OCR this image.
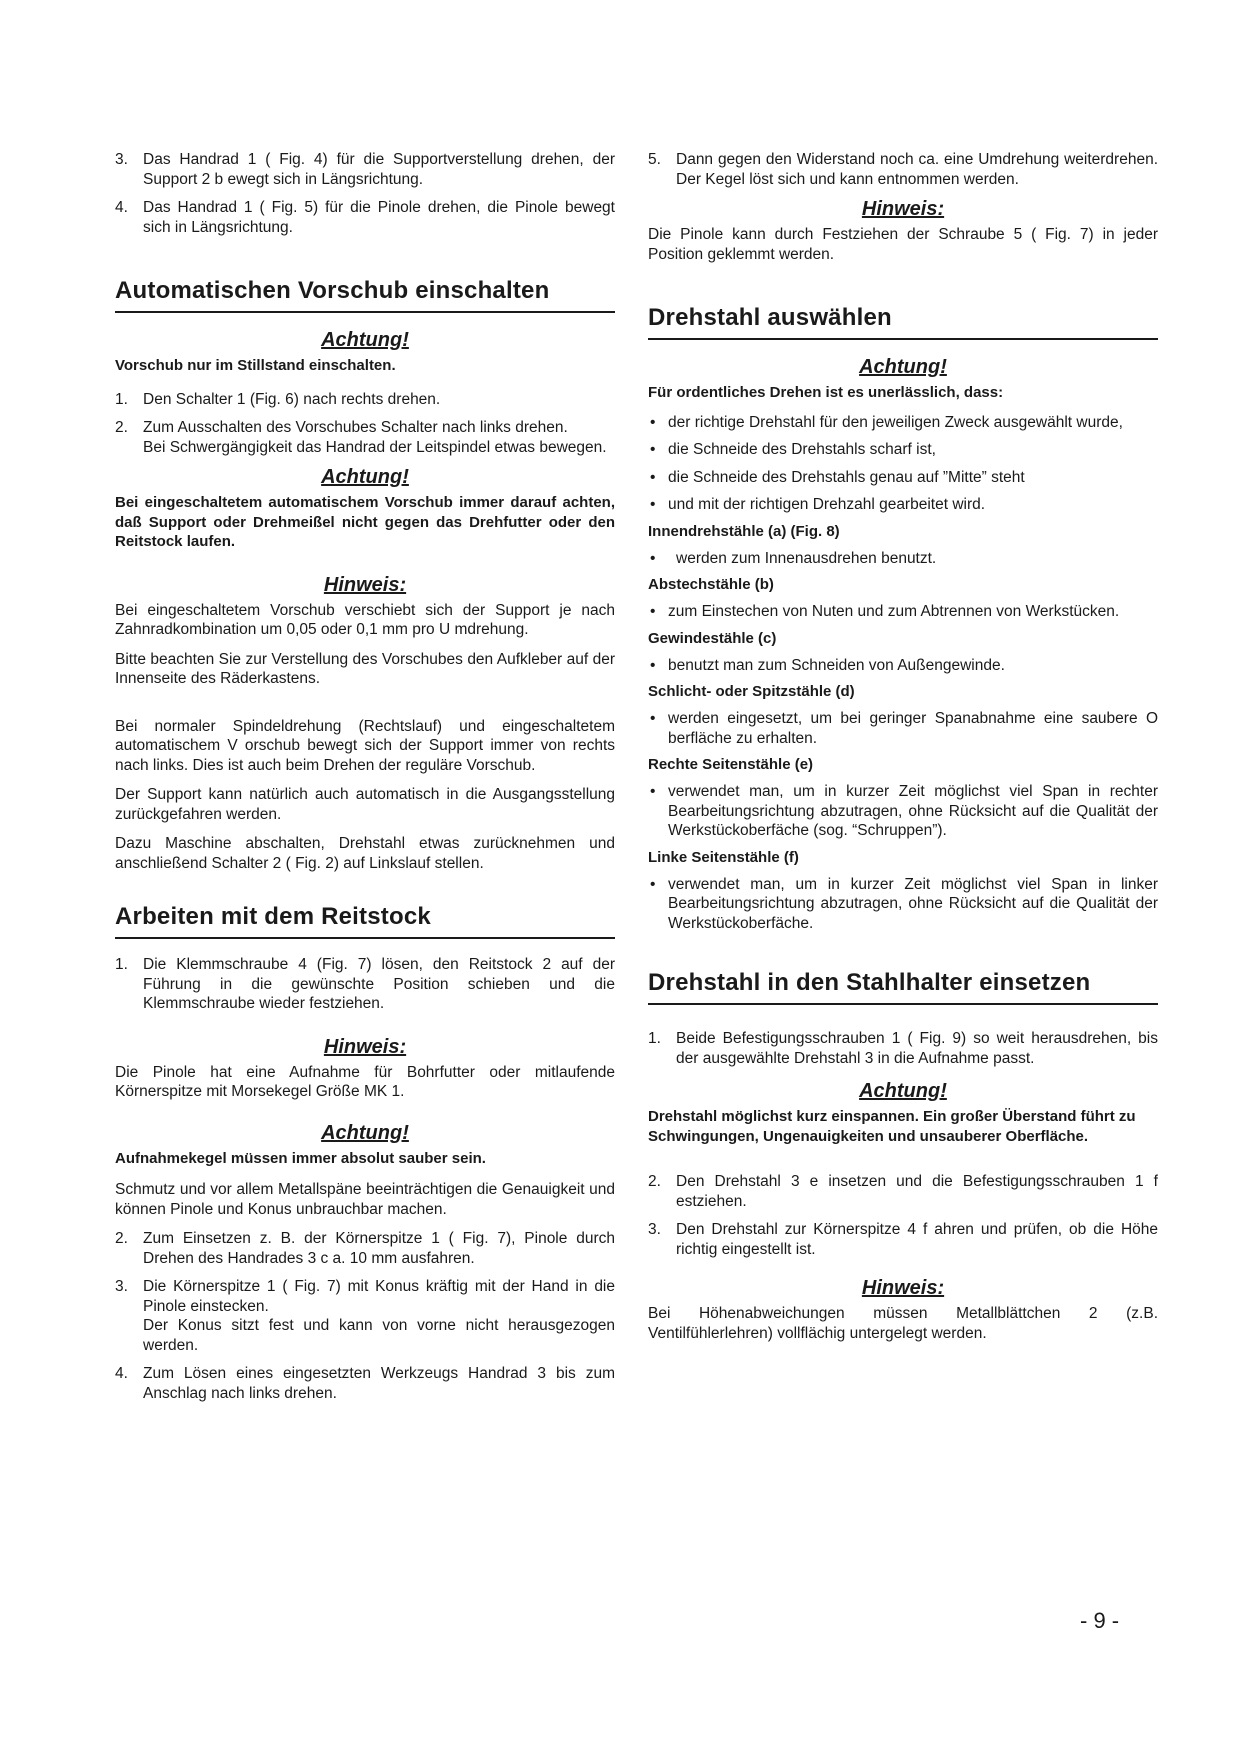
3. Das Handrad 1 ( Fig. 4) für die Supportverstellung drehen, der Support 2 b ewegt sich in Längsrichtung.
4. Das Handrad 1 ( Fig. 5) für die Pinole drehen, die Pinole bewegt sich in Längsrichtung.
Automatischen Vorschub einschalten
Achtung!

Vorschub nur im Stillstand einschalten.

1. Den Schalter 1 (Fig. 6) nach rechts drehen.
2. Zum Ausschalten des Vorschubes Schalter nach links drehen.
Bei Schwergängigkeit das Handrad der Leitspindel etwas bewegen.
Achtung!

Bei eingeschaltetem automatischem Vorschub immer darauf achten, daß Support oder Drehmeißel nicht gegen das Drehfutter oder den Reitstock laufen.

Hinweis:

Bei eingeschaltetem Vorschub verschiebt sich der Support je nach Zahnradkombination um 0,05 oder 0,1 mm pro U mdrehung.

Bitte beachten Sie zur Verstellung des Vorschubes den Aufkleber auf der Innenseite des Räderkastens.

Bei normaler Spindeldrehung (Rechtslauf) und eingeschaltetem automatischem V orschub bewegt sich der Support immer von rechts nach links. Dies ist auch beim Drehen der reguläre Vorschub.

Der Support kann natürlich auch automatisch in die Ausgangsstellung zurückgefahren werden.

Dazu Maschine abschalten, Drehstahl etwas zurücknehmen und anschließend Schalter 2 ( Fig. 2) auf Linkslauf stellen.

Arbeiten mit dem Reitstock
1. Die Klemmschraube 4 (Fig. 7) lösen, den Reitstock 2 auf der Führung in die gewünschte Position schieben und die Klemmschraube wieder festziehen.
Hinweis:

Die Pinole hat eine Aufnahme für Bohrfutter oder mitlaufende Körnerspitze mit Morsekegel Größe MK 1.

Achtung!

Aufnahmekegel müssen immer absolut sauber sein.

Schmutz und vor allem Metallspäne beeinträchtigen die Genauigkeit und können Pinole und Konus unbrauchbar machen.

2. Zum Einsetzen z. B. der Körnerspitze 1 ( Fig. 7), Pinole durch Drehen des Handrades 3 c a. 10 mm ausfahren.
3. Die Körnerspitze 1 ( Fig. 7) mit Konus kräftig mit der Hand in die Pinole einstecken.
Der Konus sitzt fest und kann von vorne nicht herausgezogen werden.
4. Zum Lösen eines eingesetzten Werkzeugs Handrad 3 bis zum Anschlag nach links drehen.
5. Dann gegen den Widerstand noch ca. eine Umdrehung weiterdrehen. Der Kegel löst sich und kann entnommen werden.
Hinweis:

Die Pinole kann durch Festziehen der Schraube 5 ( Fig. 7) in jeder Position geklemmt werden.

Drehstahl auswählen
Achtung!

Für ordentliches Drehen ist es unerlässlich, dass:

• der richtige Drehstahl für den jeweiligen Zweck ausgewählt wurde,
• die Schneide des Drehstahls scharf ist,
• die Schneide des Drehstahls genau auf ”Mitte” steht
• und mit der richtigen Drehzahl gearbeitet wird.
Innendrehstähle (a) (Fig. 8)
• werden zum Innenausdrehen benutzt.
Abstechstähle (b)
• zum Einstechen von Nuten und zum Abtrennen von Werkstücken.
Gewindestähle (c)
• benutzt man zum Schneiden von Außengewinde.
Schlicht- oder Spitzstähle (d)
• werden eingesetzt, um bei geringer Spanabnahme eine saubere O berfläche zu erhalten.
Rechte Seitenstähle (e)
• verwendet man, um in kurzer Zeit möglichst viel Span in rechter Bearbeitungsrichtung abzutragen, ohne Rücksicht auf die Qualität der Werkstückoberfäche (sog. “Schruppen”).
Linke Seitenstähle (f)
• verwendet man, um in kurzer Zeit möglichst viel Span in linker Bearbeitungsrichtung abzutragen, ohne Rücksicht auf die Qualität der Werkstückoberfäche.
Drehstahl in den Stahlhalter einsetzen
1. Beide Befestigungsschrauben 1 ( Fig. 9) so weit herausdrehen, bis der ausgewählte Drehstahl 3 in die Aufnahme passt.
Achtung!

Drehstahl möglichst kurz einspannen. Ein großer Überstand führt zu Schwingungen, Ungenauigkeiten und unsauberer Oberfläche.

2. Den Drehstahl 3 e insetzen und die Befestigungsschrauben 1 f estziehen.
3. Den Drehstahl zur Körnerspitze 4 f ahren und prüfen, ob die Höhe richtig eingestellt ist.
Hinweis:

Bei Höhenabweichungen müssen Metallblättchen 2 (z.B. Ventilfühlerlehren) vollflächig untergelegt werden.

- 9 -
